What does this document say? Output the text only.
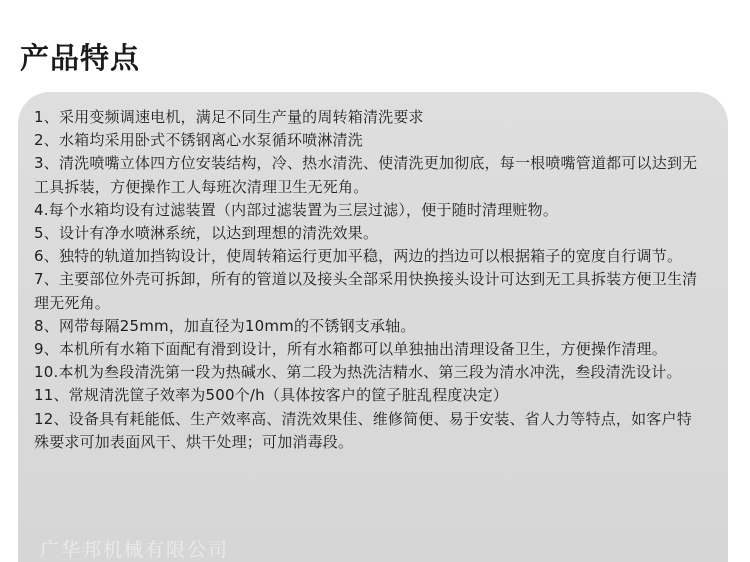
产品特点
1、采用变频调速电机，满足不同生产量的周转箱清洗要求
2、水箱均采用卧式不锈钢离心水泵循环喷淋清洗
3、清洗喷嘴立体四方位安装结构，冷、热水清洗、使清洗更加彻底，每一根喷嘴管道都可以达到无工具拆装，方便操作工人每班次清理卫生无死角。
4.每个水箱均设有过滤装置（内部过滤装置为三层过滤），便于随时清理赃物。
5、设计有净水喷淋系统，以达到理想的清洗效果。
6、独特的轨道加挡钩设计，使周转箱运行更加平稳，两边的挡边可以根据箱子的宽度自行调节。
7、主要部位外壳可拆卸，所有的管道以及接头全部采用快换接头设计可达到无工具拆装方便卫生清理无死角。
8、网带每隔25mm，加直径为10mm的不锈钢支承轴。
9、本机所有水箱下面配有滑到设计，所有水箱都可以单独抽出清理设备卫生，方便操作清理。
10.本机为叁段清洗第一段为热碱水、第二段为热洗洁精水、第三段为清水冲洗，叁段清洗设计。
11、常规清洗筐子效率为500个/h（具体按客户的筐子脏乱程度决定）
12、设备具有耗能低、生产效率高、清洗效果佳、维修简便、易于安装、省人力等特点，如客户特殊要求可加表面风干、烘干处理；可加消毒段。
广华邦机械有限公司
